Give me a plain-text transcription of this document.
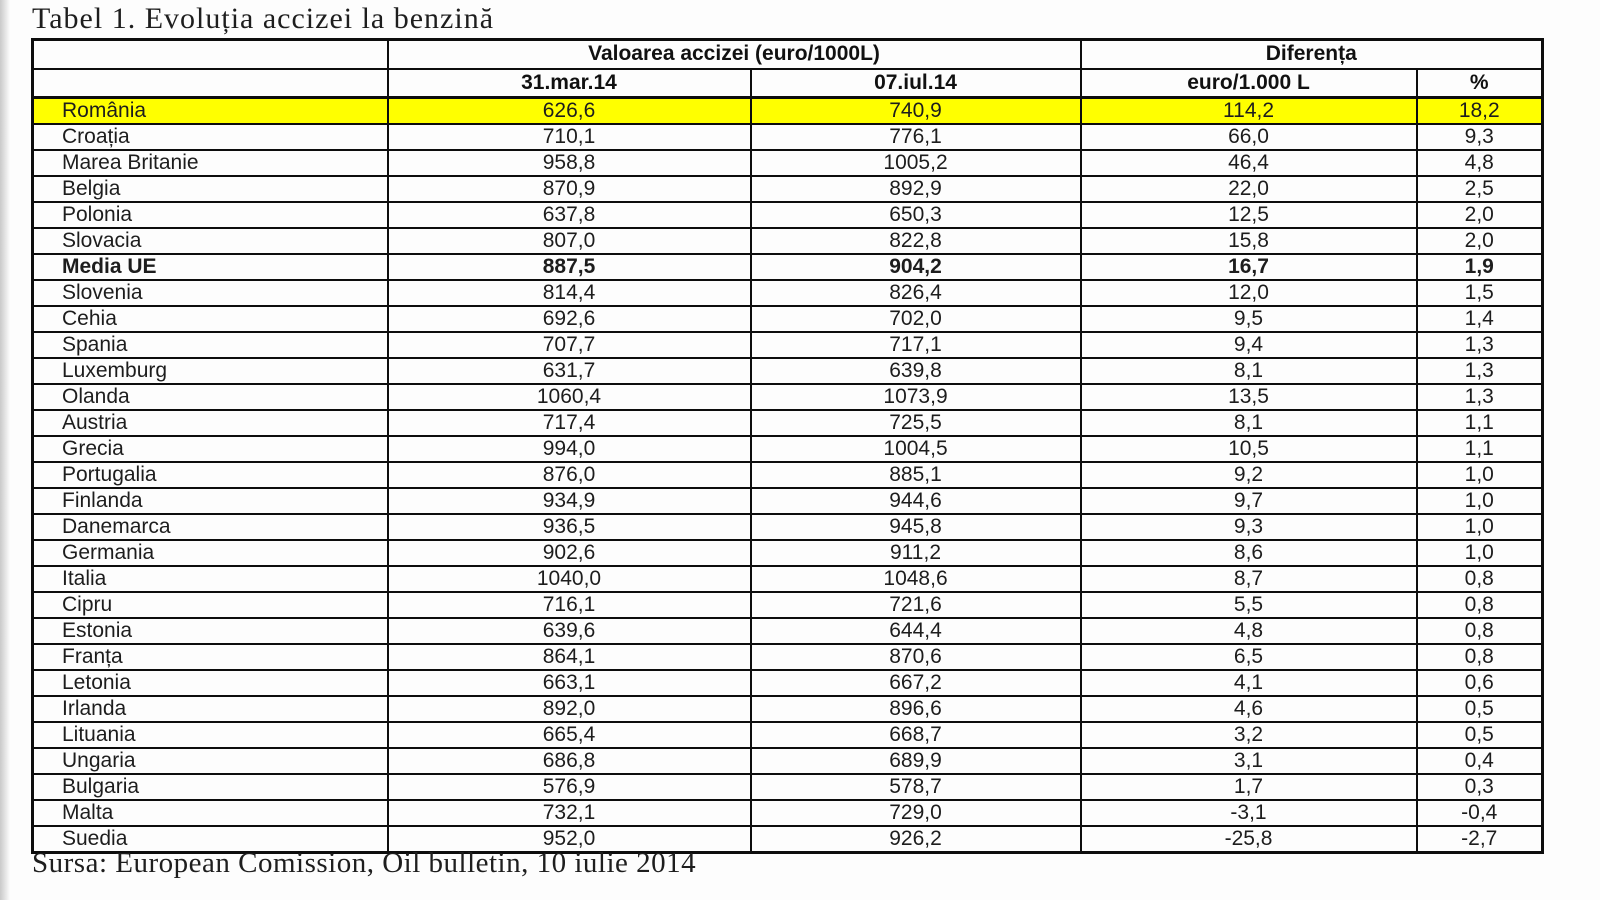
Tabel 1. Evoluția accizei la benzină
	Valoarea accizei (euro/1000L)		Diferența	
	31.mar.14	07.iul.14	euro/1.000 L	%
România	626,6	740,9	114,2	18,2
Croația	710,1	776,1	66,0	9,3
Marea Britanie	958,8	1005,2	46,4	4,8
Belgia	870,9	892,9	22,0	2,5
Polonia	637,8	650,3	12,5	2,0
Slovacia	807,0	822,8	15,8	2,0
Media UE	887,5	904,2	16,7	1,9
Slovenia	814,4	826,4	12,0	1,5
Cehia	692,6	702,0	9,5	1,4
Spania	707,7	717,1	9,4	1,3
Luxemburg	631,7	639,8	8,1	1,3
Olanda	1060,4	1073,9	13,5	1,3
Austria	717,4	725,5	8,1	1,1
Grecia	994,0	1004,5	10,5	1,1
Portugalia	876,0	885,1	9,2	1,0
Finlanda	934,9	944,6	9,7	1,0
Danemarca	936,5	945,8	9,3	1,0
Germania	902,6	911,2	8,6	1,0
Italia	1040,0	1048,6	8,7	0,8
Cipru	716,1	721,6	5,5	0,8
Estonia	639,6	644,4	4,8	0,8
Franța	864,1	870,6	6,5	0,8
Letonia	663,1	667,2	4,1	0,6
Irlanda	892,0	896,6	4,6	0,5
Lituania	665,4	668,7	3,2	0,5
Ungaria	686,8	689,9	3,1	0,4
Bulgaria	576,9	578,7	1,7	0,3
Malta	732,1	729,0	-3,1	-0,4
Suedia	952,0	926,2	-25,8	-2,7
Sursa: European Comission, Oil bulletin, 10 iulie 2014
